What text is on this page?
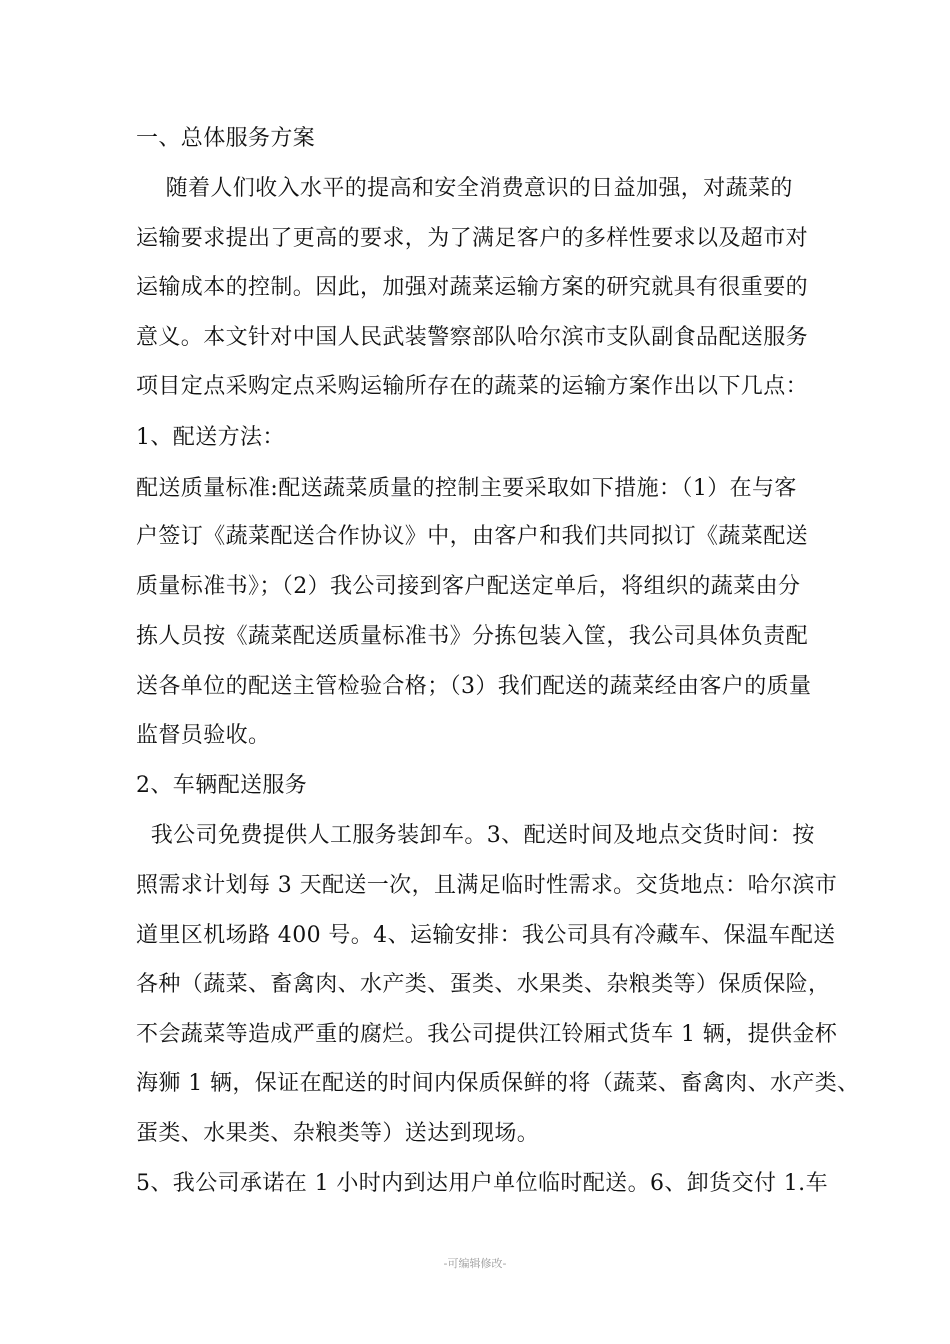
一、总体服务方案
随着人们收入水平的提高和安全消费意识的日益加强，对蔬菜的
运输要求提出了更高的要求，为了满足客户的多样性要求以及超市对
运输成本的控制。因此，加强对蔬菜运输方案的研究就具有很重要的
意义。本文针对中国人民武装警察部队哈尔滨市支队副食品配送服务
项目定点采购定点采购运输所存在的蔬菜的运输方案作出以下几点：
1、配送方法：
配送质量标准:配送蔬菜质量的控制主要采取如下措施：（1）在与客
户签订《蔬菜配送合作协议》中，由客户和我们共同拟订《蔬菜配送
质量标准书》；（2）我公司接到客户配送定单后，将组织的蔬菜由分
拣人员按《蔬菜配送质量标准书》分拣包装入筐，我公司具体负责配
送各单位的配送主管检验合格；（3）我们配送的蔬菜经由客户的质量
监督员验收。
2、车辆配送服务
我公司免费提供人工服务装卸车。3、配送时间及地点交货时间：按
照需求计划每 3 天配送一次，且满足临时性需求。交货地点：哈尔滨市
道里区机场路 400 号。4、运输安排：我公司具有冷藏车、保温车配送
各种（蔬菜、畜禽肉、水产类、蛋类、水果类、杂粮类等）保质保险，
不会蔬菜等造成严重的腐烂。我公司提供江铃厢式货车 1 辆，提供金杯
海狮 1 辆，保证在配送的时间内保质保鲜的将（蔬菜、畜禽肉、水产类、
蛋类、水果类、杂粮类等）送达到现场。
5、我公司承诺在 1 小时内到达用户单位临时配送。6、卸货交付 1.车
-可编辑修改-
